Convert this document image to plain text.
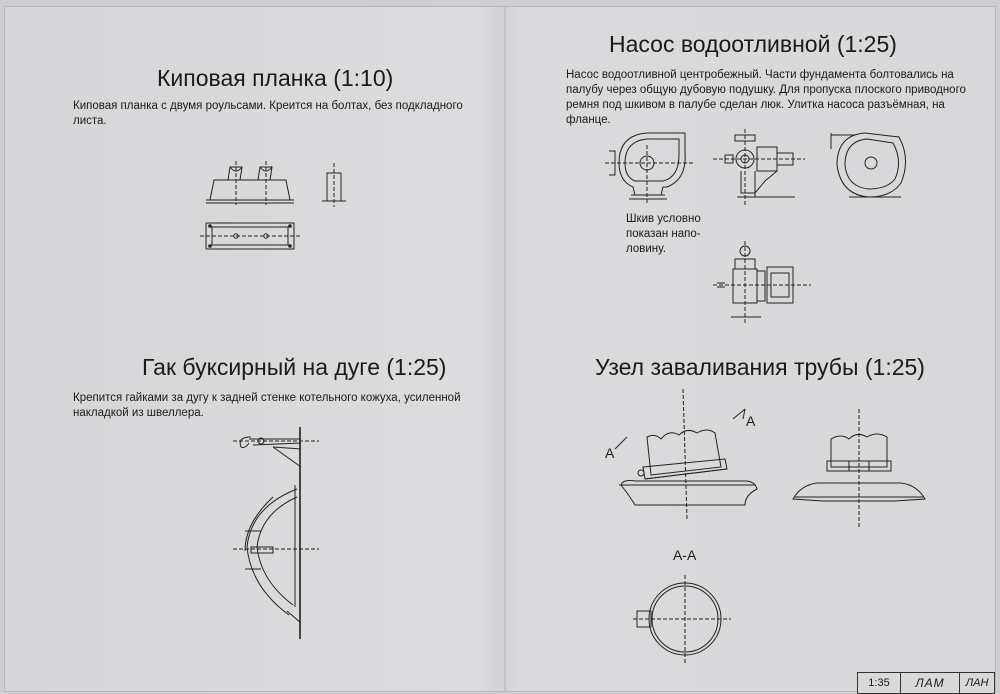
Киповая планка (1:10)
Киповая планка с двумя роульсами. Креится на болтах, без подкладного листа.
Насос водоотливной (1:25)
Насос водоотливной центробежный. Части фундамента болтовались на палубу через общую дубовую подушку. Для пропуска плоского приводного ремня под шкивом в палубе сделан люк. Улитка насоса разъёмная, на фланце.
Шкив условно
показан напо-
ловину.
Гак буксирный на дуге (1:25)
Крепится гайками за дугу к задней стенке котельного кожуха, усиленной накладкой из швеллера.
Узел заваливания трубы (1:25)
A
A
A-A
1:35	ЛАМ	ЛАН
